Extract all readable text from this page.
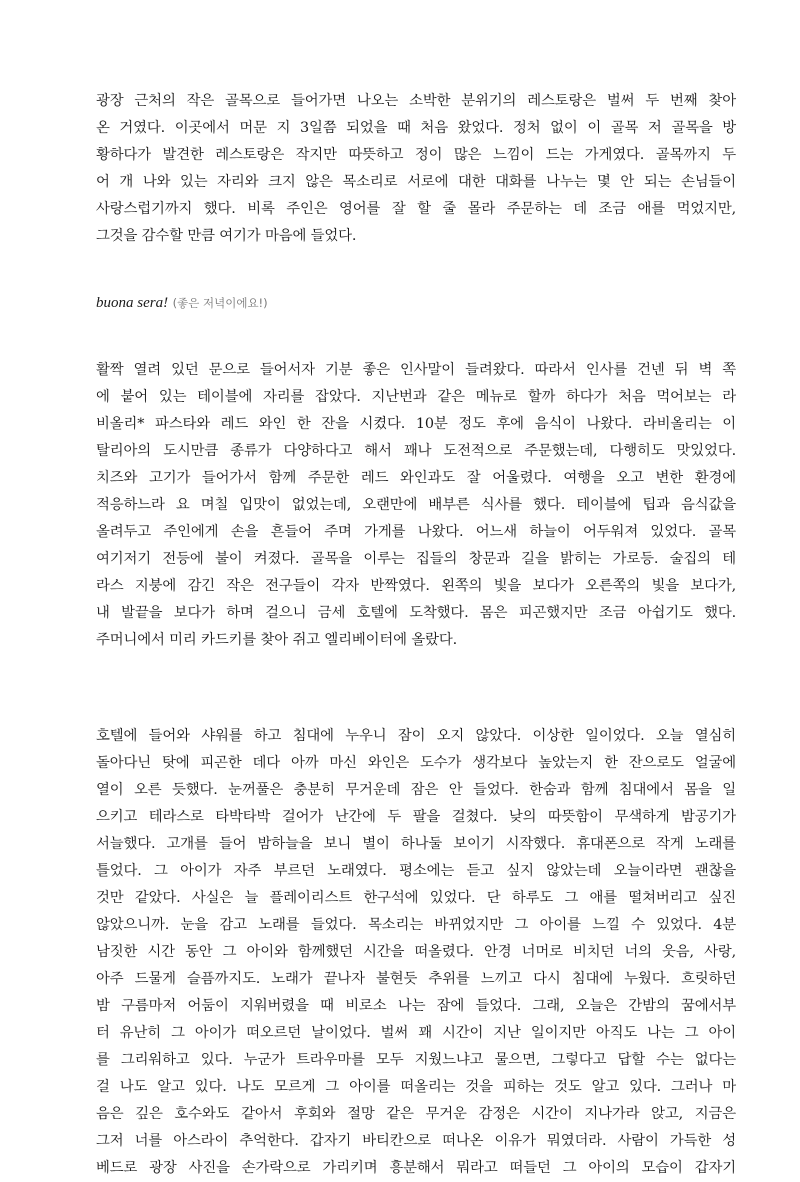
광장 근처의 작은 골목으로 들어가면 나오는 소박한 분위기의 레스토랑은 벌써 두 번째 찾아
온 거였다. 이곳에서 머문 지 3일쯤 되었을 때 처음 왔었다. 정처 없이 이 골목 저 골목을 방
황하다가 발견한 레스토랑은 작지만 따뜻하고 정이 많은 느낌이 드는 가게였다. 골목까지 두
어 개 나와 있는 자리와 크지 않은 목소리로 서로에 대한 대화를 나누는 몇 안 되는 손님들이
사랑스럽기까지 했다. 비록 주인은 영어를 잘 할 줄 몰라 주문하는 데 조금 애를 먹었지만,
그것을 감수할 만큼 여기가 마음에 들었다.
buona sera! (좋은 저녁이에요!)
활짝 열려 있던 문으로 들어서자 기분 좋은 인사말이 들려왔다. 따라서 인사를 건넨 뒤 벽 쪽
에 붙어 있는 테이블에 자리를 잡았다. 지난번과 같은 메뉴로 할까 하다가 처음 먹어보는 라
비올리* 파스타와 레드 와인 한 잔을 시켰다. 10분 정도 후에 음식이 나왔다. 라비올리는 이
탈리아의 도시만큼 종류가 다양하다고 해서 꽤나 도전적으로 주문했는데, 다행히도 맛있었다.
치즈와 고기가 들어가서 함께 주문한 레드 와인과도 잘 어울렸다. 여행을 오고 변한 환경에
적응하느라 요 며칠 입맛이 없었는데, 오랜만에 배부른 식사를 했다. 테이블에 팁과 음식값을
올려두고 주인에게 손을 흔들어 주며 가게를 나왔다. 어느새 하늘이 어두워져 있었다. 골목
여기저기 전등에 불이 켜졌다. 골목을 이루는 집들의 창문과 길을 밝히는 가로등. 술집의 테
라스 지붕에 감긴 작은 전구들이 각자 반짝였다. 왼쪽의 빛을 보다가 오른쪽의 빛을 보다가,
내 발끝을 보다가 하며 걸으니 금세 호텔에 도착했다. 몸은 피곤했지만 조금 아쉽기도 했다.
주머니에서 미리 카드키를 찾아 쥐고 엘리베이터에 올랐다.
호텔에 들어와 샤워를 하고 침대에 누우니 잠이 오지 않았다. 이상한 일이었다. 오늘 열심히
돌아다닌 탓에 피곤한 데다 아까 마신 와인은 도수가 생각보다 높았는지 한 잔으로도 얼굴에
열이 오른 듯했다. 눈꺼풀은 충분히 무거운데 잠은 안 들었다. 한숨과 함께 침대에서 몸을 일
으키고 테라스로 타박타박 걸어가 난간에 두 팔을 걸쳤다. 낮의 따뜻함이 무색하게 밤공기가
서늘했다. 고개를 들어 밤하늘을 보니 별이 하나둘 보이기 시작했다. 휴대폰으로 작게 노래를
틀었다. 그 아이가 자주 부르던 노래였다. 평소에는 듣고 싶지 않았는데 오늘이라면 괜찮을
것만 같았다. 사실은 늘 플레이리스트 한구석에 있었다. 단 하루도 그 애를 떨쳐버리고 싶진
않았으니까. 눈을 감고 노래를 들었다. 목소리는 바뀌었지만 그 아이를 느낄 수 있었다. 4분
남짓한 시간 동안 그 아이와 함께했던 시간을 떠올렸다. 안경 너머로 비치던 너의 웃음, 사랑,
아주 드물게 슬픔까지도. 노래가 끝나자 불현듯 추위를 느끼고 다시 침대에 누웠다. 흐릿하던
밤 구름마저 어둠이 지워버렸을 때 비로소 나는 잠에 들었다. 그래, 오늘은 간밤의 꿈에서부
터 유난히 그 아이가 떠오르던 날이었다. 벌써 꽤 시간이 지난 일이지만 아직도 나는 그 아이
를 그리워하고 있다. 누군가 트라우마를 모두 지웠느냐고 물으면, 그렇다고 답할 수는 없다는
걸 나도 알고 있다. 나도 모르게 그 아이를 떠올리는 것을 피하는 것도 알고 있다. 그러나 마
음은 깊은 호수와도 같아서 후회와 절망 같은 무거운 감정은 시간이 지나가라 앉고, 지금은
그저 너를 아스라이 추억한다. 갑자기 바티칸으로 떠나온 이유가 뭐였더라. 사람이 가득한 성
베드로 광장 사진을 손가락으로 가리키며 흥분해서 뭐라고 떠들던 그 아이의 모습이 갑자기
